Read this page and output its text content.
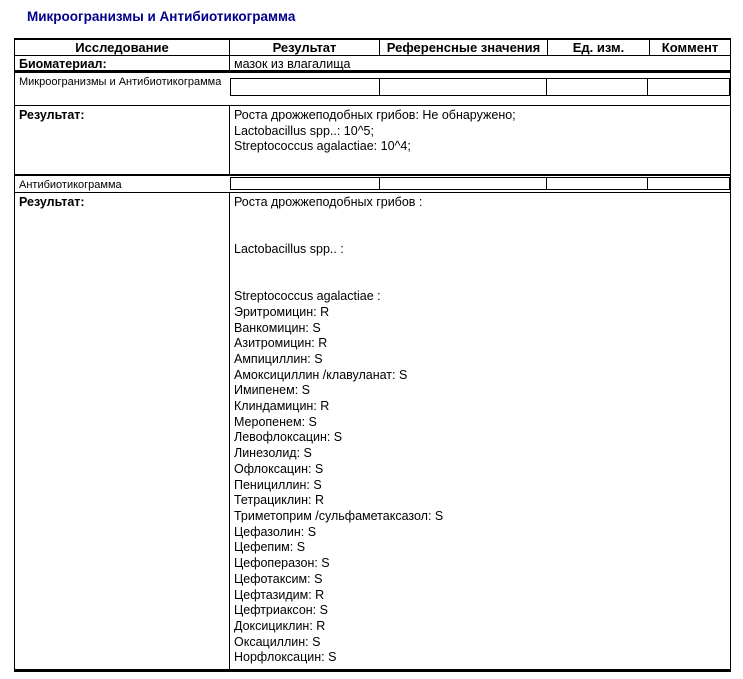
Микроогранизмы и Антибиотикограмма
Исследование	Результат	Референсные значения	Ед. изм.	Коммент
Биоматериал:	мазок из влагалища
Микроогранизмы и Антибиотикограмма
Результат:	Роста дрожжеподобных грибов: Не обнаружено;
Lactobacillus spp..: 10^5;
Streptococcus agalactiae: 10^4;
Антибиотикограмма
Результат:	Роста дрожжеподобных грибов :
Lactobacillus spp.. :
Streptococcus agalactiae :
Эритромицин: R
Ванкомицин: S
Азитромицин: R
Ампициллин: S
Амоксициллин /клавуланат: S
Имипенем: S
Клиндамицин: R
Меропенем: S
Левофлоксацин: S
Линезолид: S
Офлоксацин: S
Пенициллин: S
Тетрациклин: R
Триметоприм /сульфаметаксазол: S
Цефазолин: S
Цефепим: S
Цефоперазон: S
Цефотаксим: S
Цефтазидим: R
Цефтриаксон: S
Доксициклин: R
Оксациллин: S
Норфлоксацин: S
